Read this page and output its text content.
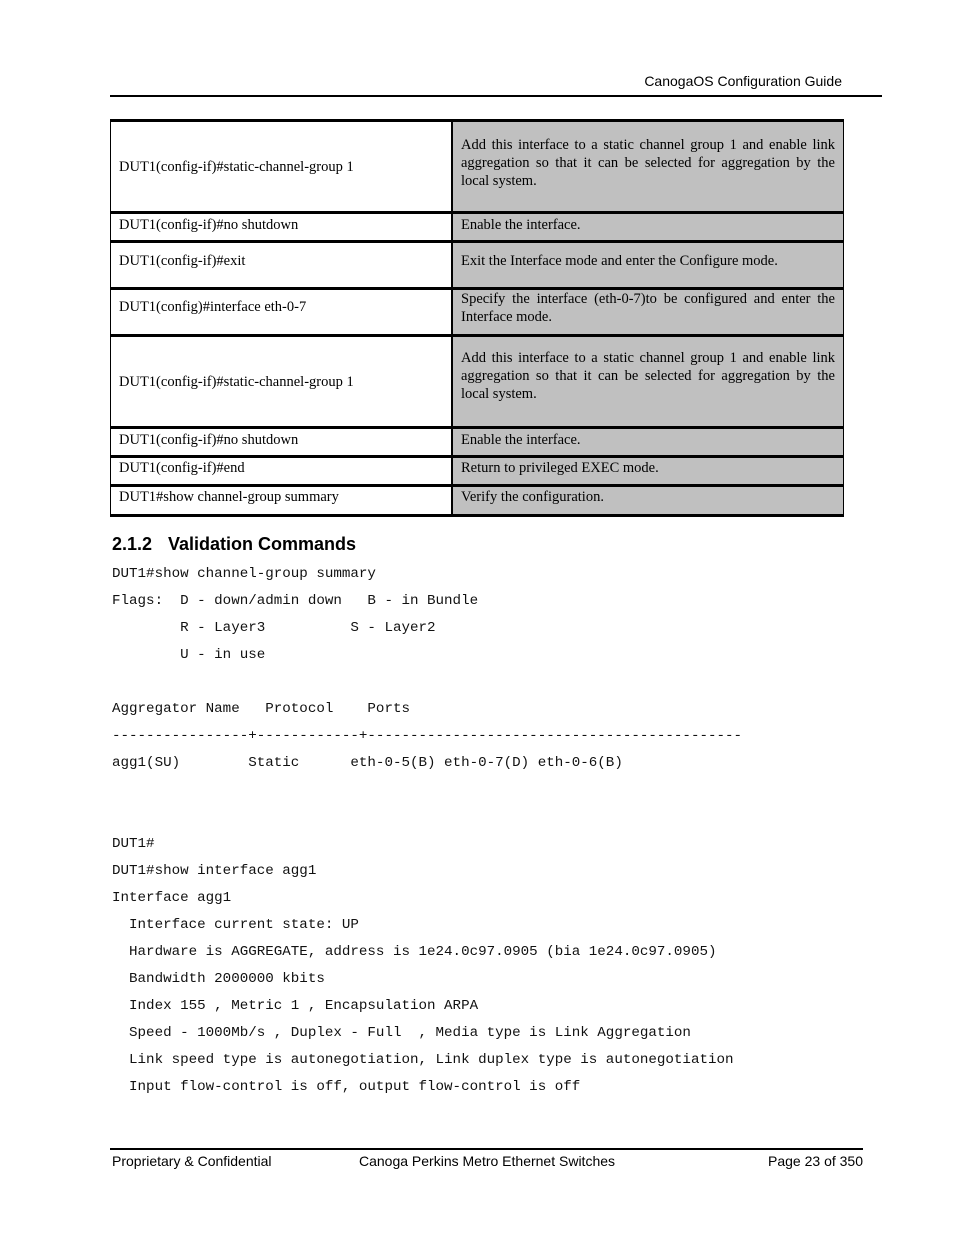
CanogaOS Configuration Guide
DUT1(config-if)#static-channel-group 1	Add this interface to a static channel group 1 and enable link aggregation so that it can be selected for aggregation by the local system.
DUT1(config-if)#no shutdown	Enable the interface.
DUT1(config-if)#exit	Exit the Interface mode and enter the Configure mode.
DUT1(config)#interface eth-0-7	Specify the interface (eth-0-7)to be configured and enter the Interface mode.
DUT1(config-if)#static-channel-group 1	Add this interface to a static channel group 1 and enable link aggregation so that it can be selected for aggregation by the local system.
DUT1(config-if)#no shutdown	Enable the interface.
DUT1(config-if)#end	Return to privileged EXEC mode.
DUT1#show channel-group summary	Verify the configuration.
2.1.2 Validation Commands
DUT1#show channel-group summary
Flags:  D - down/admin down   B - in Bundle
R - Layer3          S - Layer2
U - in use
Aggregator Name   Protocol    Ports
----------------+------------+--------------------------------------------
agg1(SU)        Static      eth-0-5(B) eth-0-7(D) eth-0-6(B)
DUT1#
DUT1#show interface agg1
Interface agg1
Interface current state: UP
Hardware is AGGREGATE, address is 1e24.0c97.0905 (bia 1e24.0c97.0905)
Bandwidth 2000000 kbits
Index 155 , Metric 1 , Encapsulation ARPA
Speed - 1000Mb/s , Duplex - Full  , Media type is Link Aggregation
Link speed type is autonegotiation, Link duplex type is autonegotiation
Input flow-control is off, output flow-control is off
Proprietary & Confidential	Canoga Perkins Metro Ethernet Switches	Page 23 of 350
